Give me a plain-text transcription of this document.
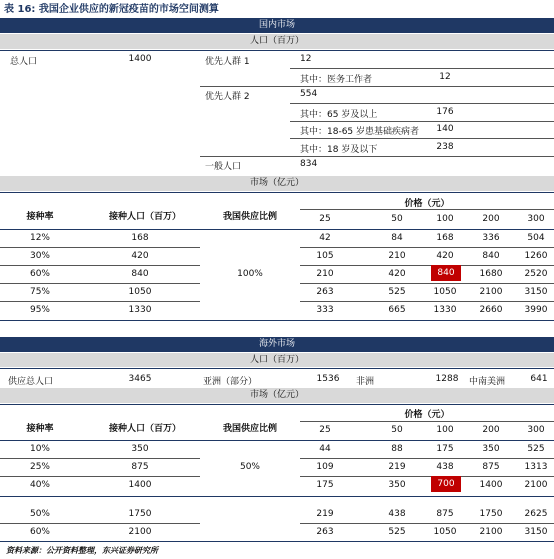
表 16: 我国企业供应的新冠疫苗的市场空间测算
国内市场
人口（百万）
总人口	1400	优先人群 1	12
其中：医务工作者	12
优先人群 2	554
其中：65 岁及以上	176
其中：18-65 岁患基础疾病者	140
其中：18 岁及以下	238
一般人口	834
市场（亿元）
接种率	接种人口（百万）	我国供应比例
价格（元）
25	50	100	200	300
12%	168	42	84	168	336	504
30%	420	105	210	420	840	1260
60%	840	100%	210	420	840	1680	2520
75%	1050	263	525	1050	2100	3150
95%	1330	333	665	1330	2660	3990
海外市场
人口（百万）
供应总人口	3465	亚洲（部分）	1536	非洲	1288	中南美洲	641
市场（亿元）
接种率	接种人口（百万）	我国供应比例
价格（元）
25	50	100	200	300
10%	350	44	88	175	350	525
25%	875	50%	109	219	438	875	1313
40%	1400	175	350	700	1400	2100
50%	1750	219	438	875	1750	2625
60%	2100	263	525	1050	2100	3150
资料来源：公开资料整理，东兴证券研究所
